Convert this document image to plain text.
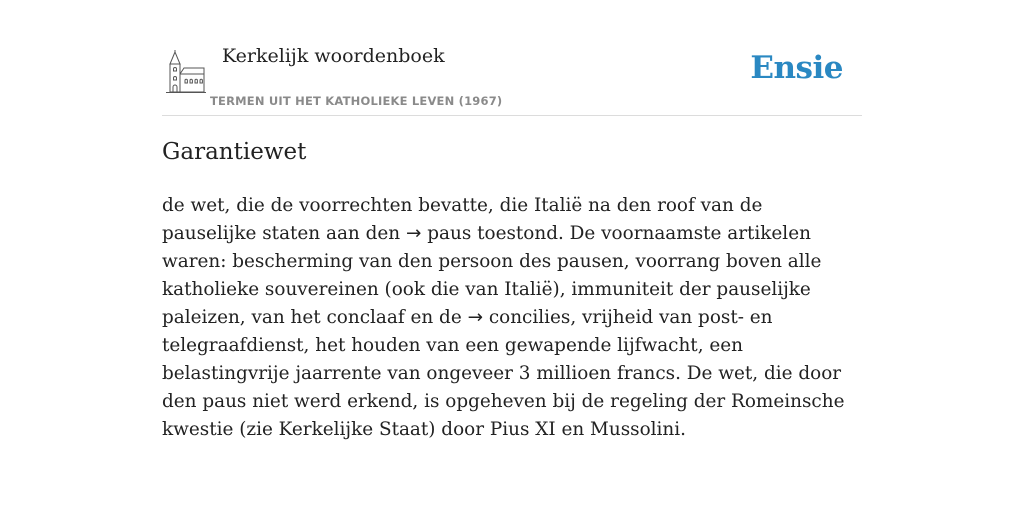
Kerkelijk woordenboek
TERMEN UIT HET KATHOLIEKE LEVEN (1967)
Ensie
Garantiewet

de wet, die de voorrechten bevatte, die Italië na den roof van de pauselijke staten aan den → paus toestond. De voornaamste artikelen waren: bescherming van den persoon des pausen, voorrang boven alle katholieke souvereinen (ook die van Italië), immuniteit der pauselijke paleizen, van het conclaaf en de → concilies, vrijheid van post- en telegraafdienst, het houden van een gewapende lijfwacht, een belastingvrije jaarrente van ongeveer 3 millioen francs. De wet, die door den paus niet werd erkend, is opgeheven bij de regeling der Romeinsche kwestie (zie Kerkelijke Staat) door Pius XI en Mussolini.
